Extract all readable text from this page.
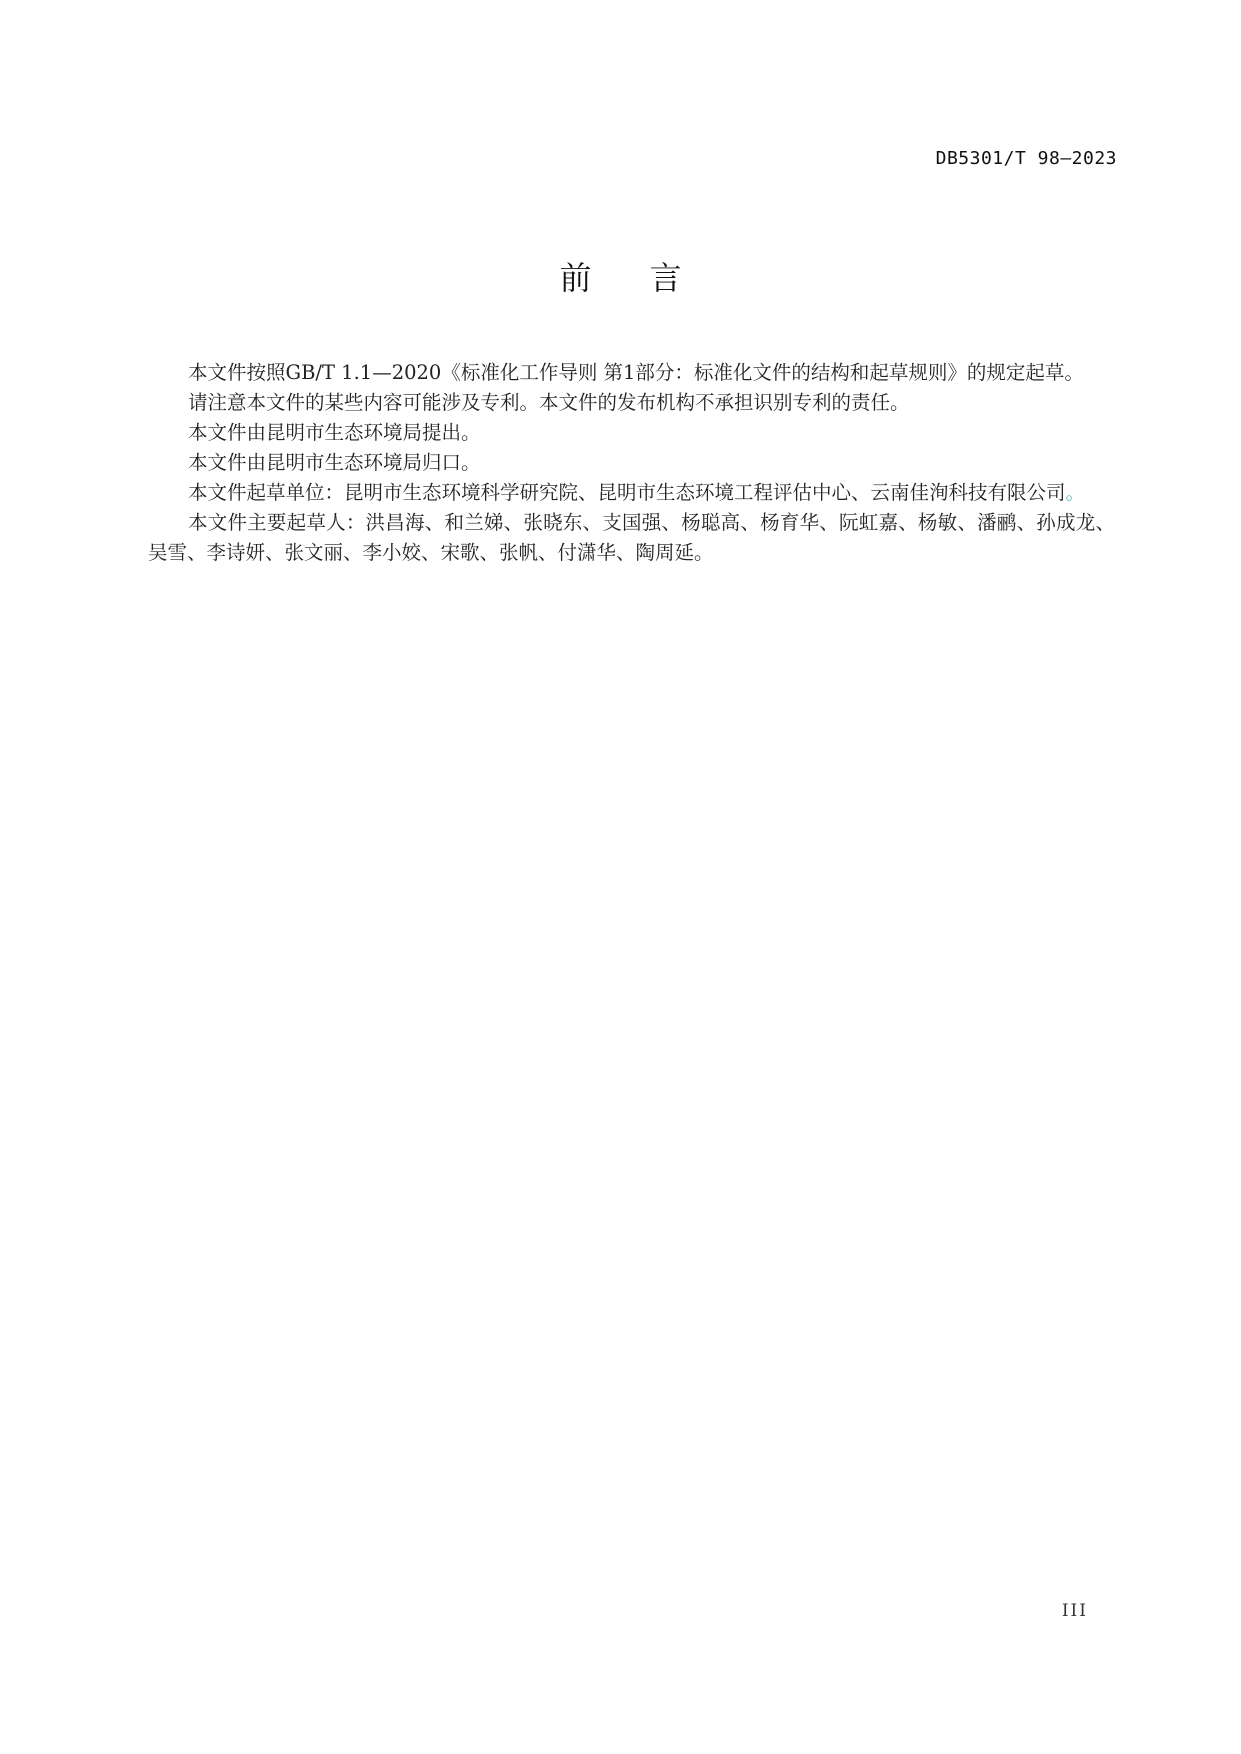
DB5301/T 98—2023
前言

本文件按照GB/T 1.1—2020《标准化工作导则 第1部分：标准化文件的结构和起草规则》的规定起草。

请注意本文件的某些内容可能涉及专利。本文件的发布机构不承担识别专利的责任。

本文件由昆明市生态环境局提出。

本文件由昆明市生态环境局归口。

本文件起草单位：昆明市生态环境科学研究院、昆明市生态环境工程评估中心、云南佳洵科技有限公司。

本文件主要起草人：洪昌海、和兰娣、张晓东、支国强、杨聪高、杨育华、阮虹嘉、杨敏、潘鹂、孙成龙、吴雪、李诗妍、张文丽、李小姣、宋歌、张帆、付潇华、陶周延。

III
